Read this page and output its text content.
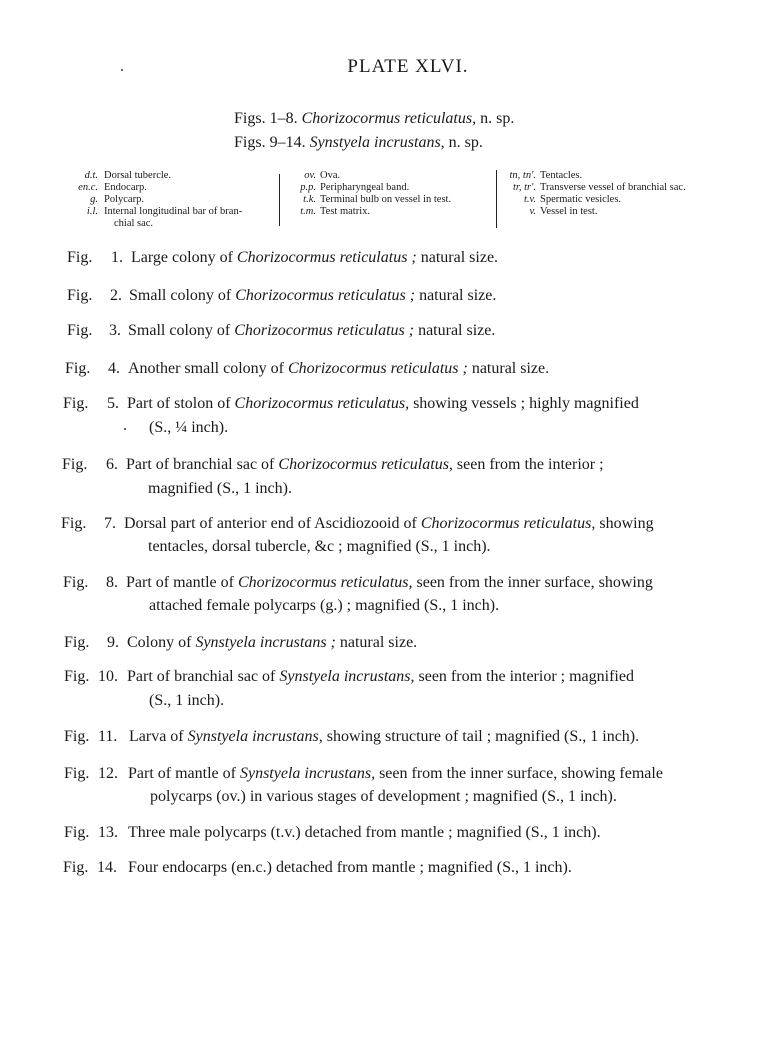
PLATE XLVI.
Figs. 1–8. Chorizocormus reticulatus, n. sp.
Figs. 9–14. Synstyela incrustans, n. sp.
d.t. Dorsal tubercle.
en.c. Endocarp.
g. Polycarp.
i.l. Internal longitudinal bar of bran-
chial sac.
ov. Ova.
p.p. Peripharyngeal band.
t.k. Terminal bulb on vessel in test.
t.m. Test matrix.
tn, tn′. Tentacles.
tr, tr′. Transverse vessel of branchial sac.
t.v. Spermatic vesicles.
v. Vessel in test.
Fig. 1. Large colony of Chorizocormus reticulatus ; natural size.
Fig. 2. Small colony of Chorizocormus reticulatus ; natural size.
Fig. 3. Small colony of Chorizocormus reticulatus ; natural size.
Fig. 4. Another small colony of Chorizocormus reticulatus ; natural size.
Fig. 5. Part of stolon of Chorizocormus reticulatus, showing vessels ; highly magnified
(S., ¼ inch).
Fig. 6. Part of branchial sac of Chorizocormus reticulatus, seen from the interior ;
magnified (S., 1 inch).
Fig. 7. Dorsal part of anterior end of Ascidiozooid of Chorizocormus reticulatus, showing
tentacles, dorsal tubercle, &c ; magnified (S., 1 inch).
Fig. 8. Part of mantle of Chorizocormus reticulatus, seen from the inner surface, showing
attached female polycarps (g.) ; magnified (S., 1 inch).
Fig. 9. Colony of Synstyela incrustans ; natural size.
Fig. 10. Part of branchial sac of Synstyela incrustans, seen from the interior ; magnified
(S., 1 inch).
Fig. 11. Larva of Synstyela incrustans, showing structure of tail ; magnified (S., 1 inch).
Fig. 12. Part of mantle of Synstyela incrustans, seen from the inner surface, showing female
polycarps (ov.) in various stages of development ; magnified (S., 1 inch).
Fig. 13. Three male polycarps (t.v.) detached from mantle ; magnified (S., 1 inch).
Fig. 14. Four endocarps (en.c.) detached from mantle ; magnified (S., 1 inch).
